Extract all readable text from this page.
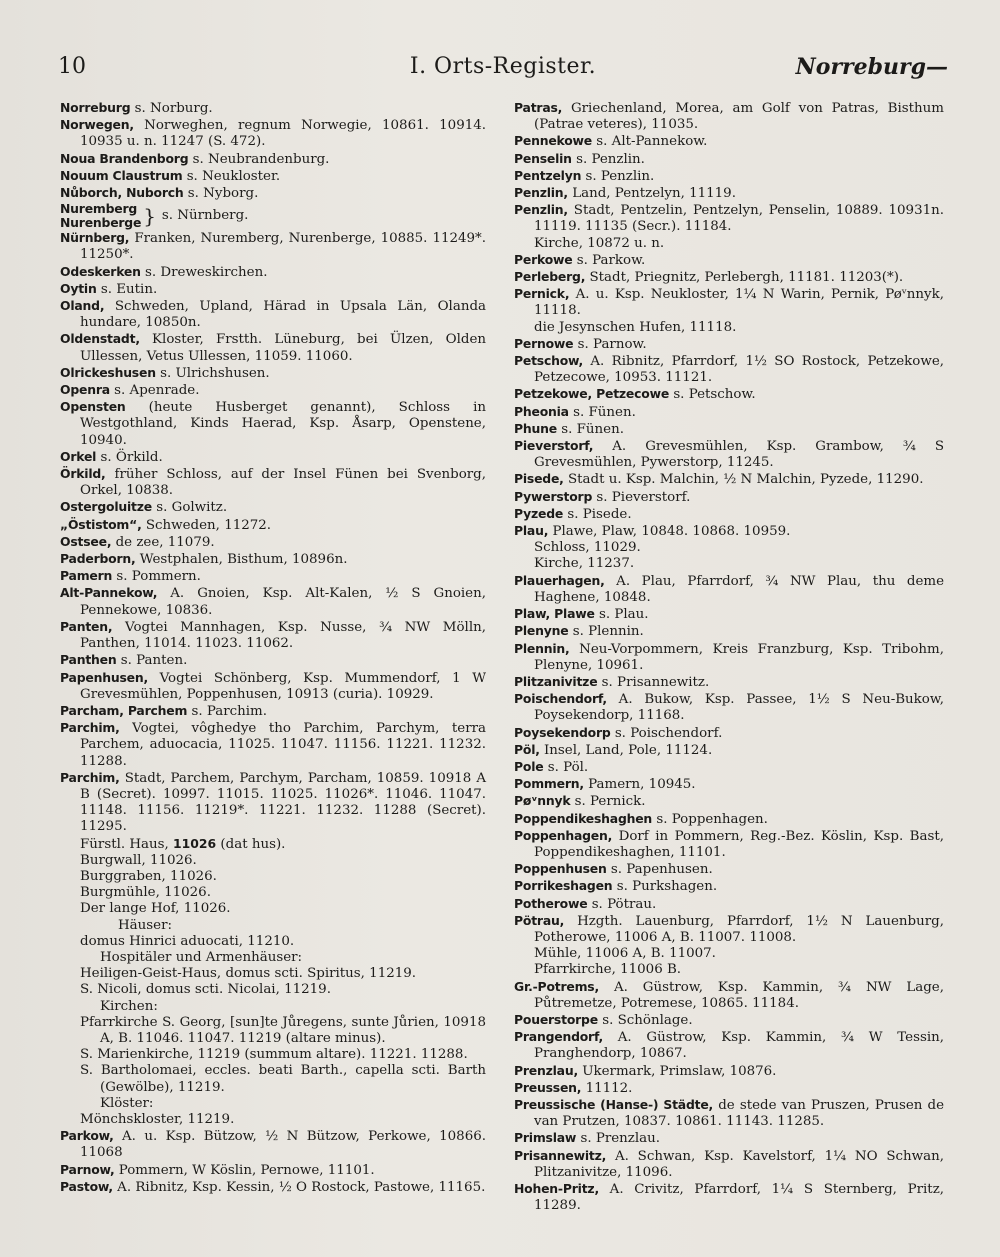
10	I. Orts-Register.	Norreburg—

Norreburg s. Norburg.

Norwegen, Norweghen, regnum Norwegie, 10861. 10914. 10935 u. n. 11247 (S. 472).

Noua Brandenborg s. Neubrandenburg.

Nouum Claustrum s. Neukloster.

Nůborch, Nuborch s. Nyborg.

Nuremberg
Nurenberge } s. Nürnberg.

Nürnberg, Franken, Nuremberg, Nurenberge, 10885. 11249*. 11250*.

Odeskerken s. Dreweskirchen.

Oytin s. Eutin.

Oland, Schweden, Upland, Härad in Upsala Län, Olanda hundare, 10850n.

Oldenstadt, Kloster, Frstth. Lüneburg, bei Ülzen, Olden Ullessen, Vetus Ullessen, 11059. 11060.

Olrickeshusen s. Ulrichshusen.

Openra s. Apenrade.

Opensten (heute Husberget genannt), Schloss in Westgothland, Kinds Haerad, Ksp. Åsarp, Openstene, 10940.

Orkel s. Örkild.

Örkild, früher Schloss, auf der Insel Fünen bei Svenborg, Orkel, 10838.

Ostergoluitze s. Golwitz.

„Östistom“, Schweden, 11272.

Ostsee, de zee, 11079.

Paderborn, Westphalen, Bisthum, 10896n.

Pamern s. Pommern.

Alt-Pannekow, A. Gnoien, Ksp. Alt-Kalen, ½ S Gnoien, Pennekowe, 10836.

Panten, Vogtei Mannhagen, Ksp. Nusse, ¾ NW Mölln, Panthen, 11014. 11023. 11062.

Panthen s. Panten.

Papenhusen, Vogtei Schönberg, Ksp. Mummendorf, 1 W Grevesmühlen, Poppenhusen, 10913 (curia). 10929.

Parcham, Parchem s. Parchim.

Parchim, Vogtei, vôghedye tho Parchim, Parchym, terra Parchem, aduocacia, 11025. 11047. 11156. 11221. 11232. 11288.

Parchim, Stadt, Parchem, Parchym, Parcham, 10859. 10918 A B (Secret). 10997. 11015. 11025. 11026*. 11046. 11047. 11148. 11156. 11219*. 11221. 11232. 11288 (Secret). 11295.

Fürstl. Haus, 11026 (dat hus).

Burgwall, 11026.

Burggraben, 11026.

Burgmühle, 11026.

Der lange Hof, 11026.

Häuser:

domus Hinrici aduocati, 11210.

Hospitäler und Armenhäuser:

Heiligen-Geist-Haus, domus scti. Spiritus, 11219.

S. Nicoli, domus scti. Nicolai, 11219.

Kirchen:

Pfarrkirche S. Georg, [sun]te Jůregens, sunte Jůrien, 10918 A, B. 11046. 11047. 11219 (altare minus).

S. Marienkirche, 11219 (summum altare). 11221. 11288.

S. Bartholomaei, eccles. beati Barth., capella scti. Barth (Gewölbe), 11219.

Klöster:

Mönchskloster, 11219.

Parkow, A. u. Ksp. Bützow, ½ N Bützow, Perkowe, 10866. 11068

Parnow, Pommern, W Köslin, Pernowe, 11101.

Pastow, A. Ribnitz, Ksp. Kessin, ½ O Rostock, Pastowe, 11165.

Patras, Griechenland, Morea, am Golf von Patras, Bisthum (Patrae veteres), 11035.

Pennekowe s. Alt-Pannekow.

Penselin s. Penzlin.

Pentzelyn s. Penzlin.

Penzlin, Land, Pentzelyn, 11119.

Penzlin, Stadt, Pentzelin, Pentzelyn, Penselin, 10889. 10931n. 11119. 11135 (Secr.). 11184.

Kirche, 10872 u. n.

Perkowe s. Parkow.

Perleberg, Stadt, Priegnitz, Perlebergh, 11181. 11203(*).

Pernick, A. u. Ksp. Neukloster, 1¼ N Warin, Pernik, Pøᵛnnyk, 11118.

die Jesynschen Hufen, 11118.

Pernowe s. Parnow.

Petschow, A. Ribnitz, Pfarrdorf, 1½ SO Rostock, Petzekowe, Petzecowe, 10953. 11121.

Petzekowe, Petzecowe s. Petschow.

Pheonia s. Fünen.

Phune s. Fünen.

Pieverstorf, A. Grevesmühlen, Ksp. Grambow, ¾ S Grevesmühlen, Pywerstorp, 11245.

Pisede, Stadt u. Ksp. Malchin, ½ N Malchin, Pyzede, 11290.

Pywerstorp s. Pieverstorf.

Pyzede s. Pisede.

Plau, Plawe, Plaw, 10848. 10868. 10959.

Schloss, 11029.

Kirche, 11237.

Plauerhagen, A. Plau, Pfarrdorf, ¾ NW Plau, thu deme Haghene, 10848.

Plaw, Plawe s. Plau.

Plenyne s. Plennin.

Plennin, Neu-Vorpommern, Kreis Franzburg, Ksp. Tribohm, Plenyne, 10961.

Plitzanivitze s. Prisannewitz.

Poischendorf, A. Bukow, Ksp. Passee, 1½ S Neu-Bukow, Poysekendorp, 11168.

Poysekendorp s. Poischendorf.

Pöl, Insel, Land, Pole, 11124.

Pole s. Pöl.

Pommern, Pamern, 10945.

Pøᵛnnyk s. Pernick.

Poppendikeshaghen s. Poppenhagen.

Poppenhagen, Dorf in Pommern, Reg.-Bez. Köslin, Ksp. Bast, Poppendikeshaghen, 11101.

Poppenhusen s. Papenhusen.

Porrikeshagen s. Purkshagen.

Potherowe s. Pötrau.

Pötrau, Hzgth. Lauenburg, Pfarrdorf, 1½ N Lauenburg, Potherowe, 11006 A, B. 11007. 11008.

Mühle, 11006 A, B. 11007.

Pfarrkirche, 11006 B.

Gr.-Potrems, A. Güstrow, Ksp. Kammin, ¾ NW Lage, Půtremetze, Potremese, 10865. 11184.

Pouerstorpe s. Schönlage.

Prangendorf, A. Güstrow, Ksp. Kammin, ¾ W Tessin, Pranghendorp, 10867.

Prenzlau, Ukermark, Primslaw, 10876.

Preussen, 11112.

Preussische (Hanse-) Städte, de stede van Pruszen, Prusen de van Prutzen, 10837. 10861. 11143. 11285.

Primslaw s. Prenzlau.

Prisannewitz, A. Schwan, Ksp. Kavelstorf, 1¼ NO Schwan, Plitzanivitze, 11096.

Hohen-Pritz, A. Crivitz, Pfarrdorf, 1¼ S Sternberg, Pritz, 11289.
